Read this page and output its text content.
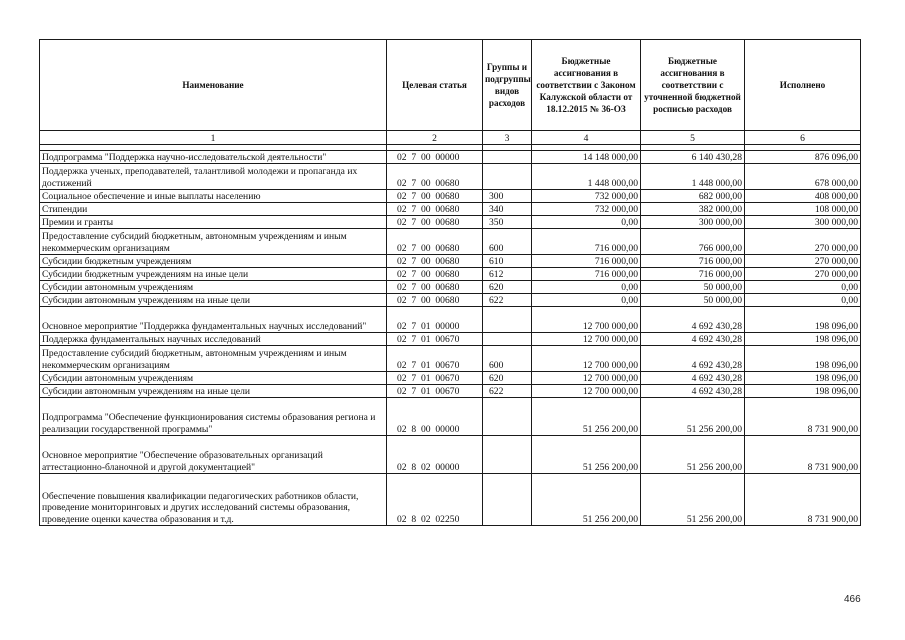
Наименование	Целевая статья	Группы и подгруппы видов расходов	Бюджетные ассигнования в соответствии с Законом Калужской области от 18.12.2015 № 36-ОЗ	Бюджетные ассигнования в соответствии с уточненной бюджетной росписью расходов	Исполнено
1	2	3	4	5	6

Подпрограмма "Поддержка научно-исследовательской деятельности"	02  7  00  00000		14 148 000,00	6 140 430,28	876 096,00
Поддержка ученых, преподавателей, талантливой молодежи и пропаганда их достижений	02  7  00  00680		1 448 000,00	1 448 000,00	678 000,00
Социальное обеспечение и иные выплаты населению	02  7  00  00680	300	732 000,00	682 000,00	408 000,00
Стипендии	02  7  00  00680	340	732 000,00	382 000,00	108 000,00
Премии и гранты	02  7  00  00680	350	0,00	300 000,00	300 000,00
Предоставление субсидий бюджетным, автономным учреждениям и иным некоммерческим организациям	02  7  00  00680	600	716 000,00	766 000,00	270 000,00
Субсидии бюджетным учреждениям	02  7  00  00680	610	716 000,00	716 000,00	270 000,00
Субсидии бюджетным учреждениям на иные цели	02  7  00  00680	612	716 000,00	716 000,00	270 000,00
Субсидии автономным учреждениям	02  7  00  00680	620	0,00	50 000,00	0,00
Субсидии автономным учреждениям на иные цели	02  7  00  00680	622	0,00	50 000,00	0,00
Основное мероприятие "Поддержка фундаментальных научных исследований"	02  7  01  00000		12 700 000,00	4 692 430,28	198 096,00
Поддержка фундаментальных научных исследований	02  7  01  00670		12 700 000,00	4 692 430,28	198 096,00
Предоставление субсидий бюджетным, автономным учреждениям и иным некоммерческим организациям	02  7  01  00670	600	12 700 000,00	4 692 430,28	198 096,00
Субсидии автономным учреждениям	02  7  01  00670	620	12 700 000,00	4 692 430,28	198 096,00
Субсидии автономным учреждениям на иные цели	02  7  01  00670	622	12 700 000,00	4 692 430,28	198 096,00
Подпрограмма "Обеспечение функционирования системы образования региона и реализации государственной программы"	02  8  00  00000		51 256 200,00	51 256 200,00	8 731 900,00
Основное мероприятие "Обеспечение образовательных организаций аттестационно-бланочной и другой документацией"	02  8  02  00000		51 256 200,00	51 256 200,00	8 731 900,00
Обеспечение повышения квалификации педагогических работников области, проведение мониторинговых и других исследований системы образования, проведение оценки качества образования и т.д.	02  8  02  02250		51 256 200,00	51 256 200,00	8 731 900,00
466
